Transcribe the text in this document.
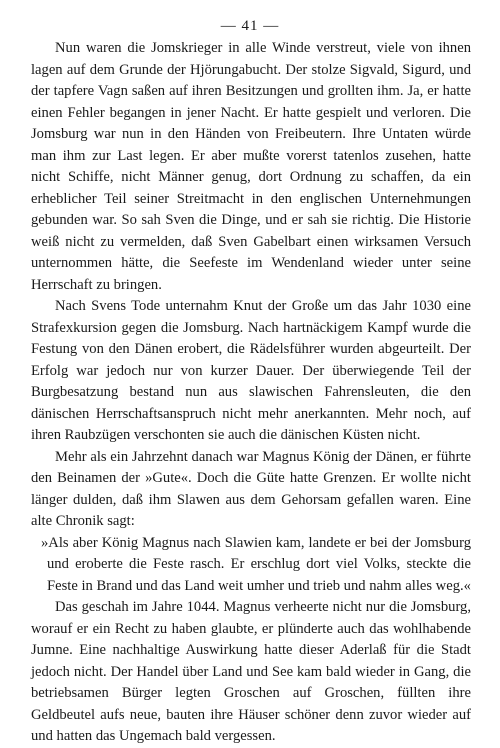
— 41 —

Nun waren die Jomskrieger in alle Winde verstreut, viele von ihnen lagen auf dem Grunde der Hjörungabucht. Der stolze Sigvald, Sigurd, und der tapfere Vagn saßen auf ihren Besitzungen und grollten ihm. Ja, er hatte einen Fehler begangen in jener Nacht. Er hatte gespielt und verloren. Die Jomsburg war nun in den Händen von Freibeutern. Ihre Untaten würde man ihm zur Last legen. Er aber mußte vorerst tatenlos zusehen, hatte nicht Schiffe, nicht Männer genug, dort Ordnung zu schaffen, da ein erheblicher Teil seiner Streitmacht in den englischen Unternehmungen gebunden war. So sah Sven die Dinge, und er sah sie richtig. Die Historie weiß nicht zu vermelden, daß Sven Gabelbart einen wirksamen Versuch unternommen hätte, die Seefeste im Wendenland wieder unter seine Herrschaft zu bringen.

Nach Svens Tode unternahm Knut der Große um das Jahr 1030 eine Strafexkursion gegen die Jomsburg. Nach hartnäckigem Kampf wurde die Festung von den Dänen erobert, die Rädelsführer wurden abgeurteilt. Der Erfolg war jedoch nur von kurzer Dauer. Der überwiegende Teil der Burgbesatzung bestand nun aus slawischen Fahrensleuten, die den dänischen Herrschaftsanspruch nicht mehr anerkannten. Mehr noch, auf ihren Raubzügen verschonten sie auch die dänischen Küsten nicht.

Mehr als ein Jahrzehnt danach war Magnus König der Dänen, er führte den Beinamen der »Gute«. Doch die Güte hatte Grenzen. Er wollte nicht länger dulden, daß ihm Slawen aus dem Gehorsam gefallen waren. Eine alte Chronik sagt:

»Als aber König Magnus nach Slawien kam, landete er bei der Jomsburg und eroberte die Feste rasch. Er erschlug dort viel Volks, steckte die Feste in Brand und das Land weit umher und trieb und nahm alles weg.«

Das geschah im Jahre 1044. Magnus verheerte nicht nur die Jomsburg, worauf er ein Recht zu haben glaubte, er plünderte auch das wohlhabende Jumne. Eine nachhaltige Auswirkung hatte dieser Aderlaß für die Stadt jedoch nicht. Der Handel über Land und See kam bald wieder in Gang, die betriebsamen Bürger legten Groschen auf Groschen, füllten ihre Geldbeutel aufs neue, bauten ihre Häuser schöner denn zuvor wieder auf und hatten das Ungemach bald vergessen.
